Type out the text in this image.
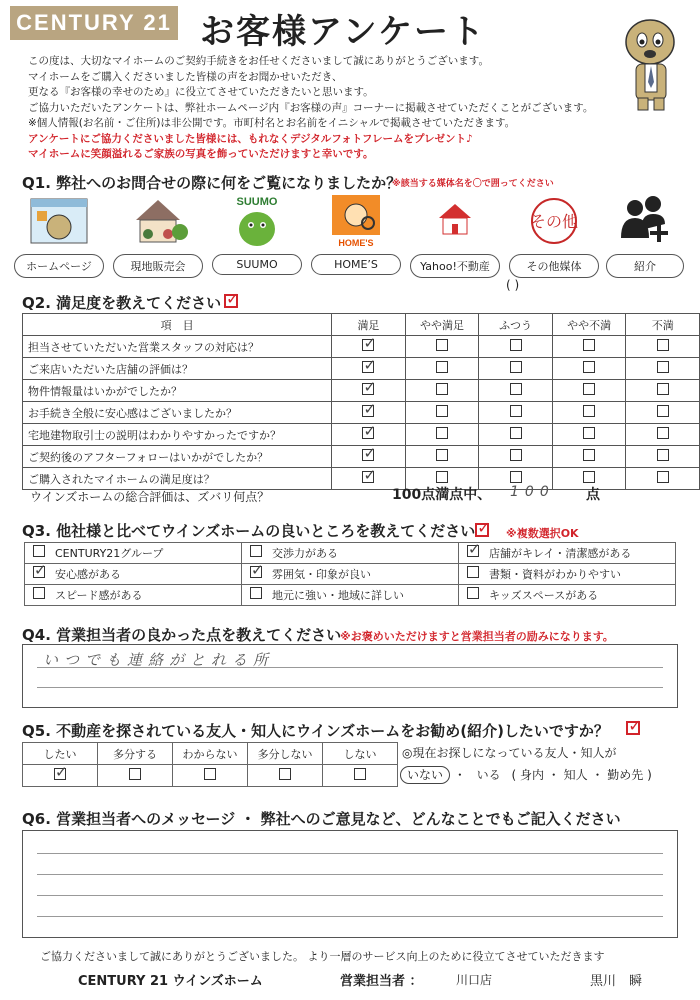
CENTURY 21 お客様アンケート
この度は、大切なマイホームのご契約手続きをお任せくださいまして誠にありがとうございます。
マイホームをご購入くださいました皆様の声をお聞かせいただき、
更なる『お客様の幸せのため』に役立てさせていただきたいと思います。
ご協力いただいたアンケートは、弊社ホームページ内『お客様の声』コーナーに掲載させていただくことがございます。
※個人情報(お名前・ご住所)は非公開です。市町村名とお名前をイニシャルで掲載させていただきます。
アンケートにご協力くださいました皆様には、もれなくデジタルフォトフレームをプレゼント♪
マイホームに笑顔溢れるご家族の写真を飾っていただけますと幸いです。
Q1. 弊社へのお問合せの際に何をご覧になりましたか？
※該当する媒体名を〇で囲ってください
ホームページ	現地販売会
SUUMO
SUUMO
HOME'S
HOME’S	Yahoo!不動産
その他
その他媒体	紹介
( )
Q2. 満足度を教えてください
✓
項　目	満足	やや満足	ふつう	やや不満	不満
担当させていただいた営業スタッフの対応は？	✓				
ご来店いただいた店舗の評価は？	✓				
物件情報量はいかがでしたか？	✓				
お手続き全般に安心感はございましたか？	✓				
宅地建物取引士の説明はわかりやすかったですか？	✓				
ご契約後のアフターフォローはいかがでしたか？	✓				
ご購入されたマイホームの満足度は？	✓				
ウインズホームの総合評価は、ズバリ何点？	100点満点中、 100 点
Q3. 他社様と比べてウインズホームの良いところを教えてください ✓	※複数選択OK
CENTURY21グループ	交渉力がある	✓店舗がキレイ・清潔感がある
✓安心感がある	✓雰囲気・印象が良い	書類・資料がわかりやすい
スピード感がある	地元に強い・地域に詳しい	キッズスペースがある
Q4. 営業担当者の良かった点を教えてください
※お褒めいただけますと営業担当者の励みになります。
いつでも連絡がとれる所
Q5. 不動産を探されている友人・知人にウインズホームをお勧め(紹介)したいですか？
✓
したい	多分する	わからない	多分しない	しない
✓				◎現在お探しになっている友人・知人が
いない ・ いる ( 身内 ・ 知人 ・ 勤め先 )
Q6. 営業担当者へのメッセージ ・ 弊社へのご意見など、どんなことでもご記入ください
ご協力くださいまして誠にありがとうございました。 より一層のサービス向上のために役立てさせていただきます
CENTURY 21 ウインズホーム	営業担当者 ：	川口店	黒川　瞬
